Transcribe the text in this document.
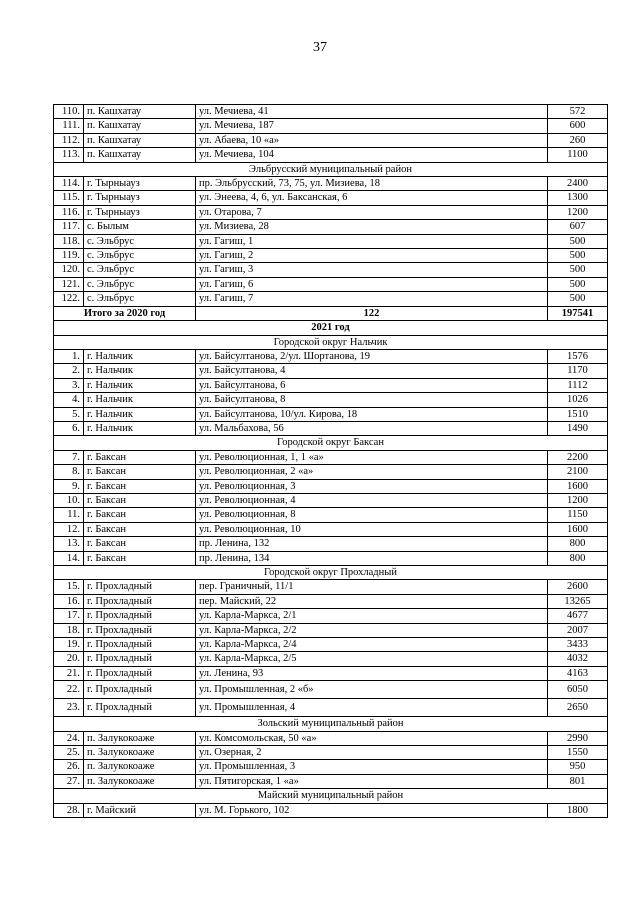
37
110.	п. Кашхатау	ул. Мечиева, 41	572
111.	п. Кашхатау	ул. Мечиева, 187	600
112.	п. Кашхатау	ул. Абаева, 10 «а»	260
113.	п. Кашхатау	ул. Мечиева, 104	1100
Эльбрусский муниципальный район			
114.	г. Тырныауз	пр. Эльбрусский, 73, 75, ул. Мизиева, 18	2400
115.	г. Тырныауз	ул. Энеева, 4, 6, ул. Баксанская, 6	1300
116.	г. Тырныауз	ул. Отарова, 7	1200
117.	с. Былым	ул. Мизиева, 28	607
118.	с. Эльбрус	ул. Гагиш, 1	500
119.	с. Эльбрус	ул. Гагиш, 2	500
120.	с. Эльбрус	ул. Гагиш, 3	500
121.	с. Эльбрус	ул. Гагиш, 6	500
122.	с. Эльбрус	ул. Гагиш, 7	500
Итого за 2020 год		122	197541
2021 год			
Городской округ Нальчик			
1.	г. Нальчик	ул. Байсултанова, 2/ул. Шортанова, 19	1576
2.	г. Нальчик	ул. Байсултанова, 4	1170
3.	г. Нальчик	ул. Байсултанова, 6	1112
4.	г. Нальчик	ул. Байсултанова, 8	1026
5.	г. Нальчик	ул. Байсултанова, 10/ул. Кирова, 18	1510
6.	г. Нальчик	ул. Мальбахова, 56	1490
Городской округ Баксан			
7.	г. Баксан	ул. Революционная, 1, 1 «а»	2200
8.	г. Баксан	ул. Революционная, 2 «а»	2100
9.	г. Баксан	ул. Революционная, 3	1600
10.	г. Баксан	ул. Революционная, 4	1200
11.	г. Баксан	ул. Революционная, 8	1150
12.	г. Баксан	ул. Революционная, 10	1600
13.	г. Баксан	пр. Ленина, 132	800
14.	г. Баксан	пр. Ленина, 134	800
Городской округ Прохладный			
15.	г. Прохладный	пер. Граничный, 11/1	2600
16.	г. Прохладный	пер. Майский, 22	13265
17.	г. Прохладный	ул. Карла-Маркса, 2/1	4677
18.	г. Прохладный	ул. Карла-Маркса, 2/2	2007
19.	г. Прохладный	ул. Карла-Маркса, 2/4	3433
20.	г. Прохладный	ул. Карла-Маркса, 2/5	4032
21.	г. Прохладный	ул. Ленина, 93	4163
22.	г. Прохладный	ул. Промышленная, 2 «б»	6050
23.	г. Прохладный	ул. Промышленная, 4	2650
Зольский муниципальный район			
24.	п. Залукокоаже	ул. Комсомольская, 50 «а»	2990
25.	п. Залукокоаже	ул. Озерная, 2	1550
26.	п. Залукокоаже	ул. Промышленная, 3	950
27.	п. Залукокоаже	ул. Пятигорская, 1 «а»	801
Майский муниципальный район			
28.	г. Майский	ул. М. Горького, 102	1800
